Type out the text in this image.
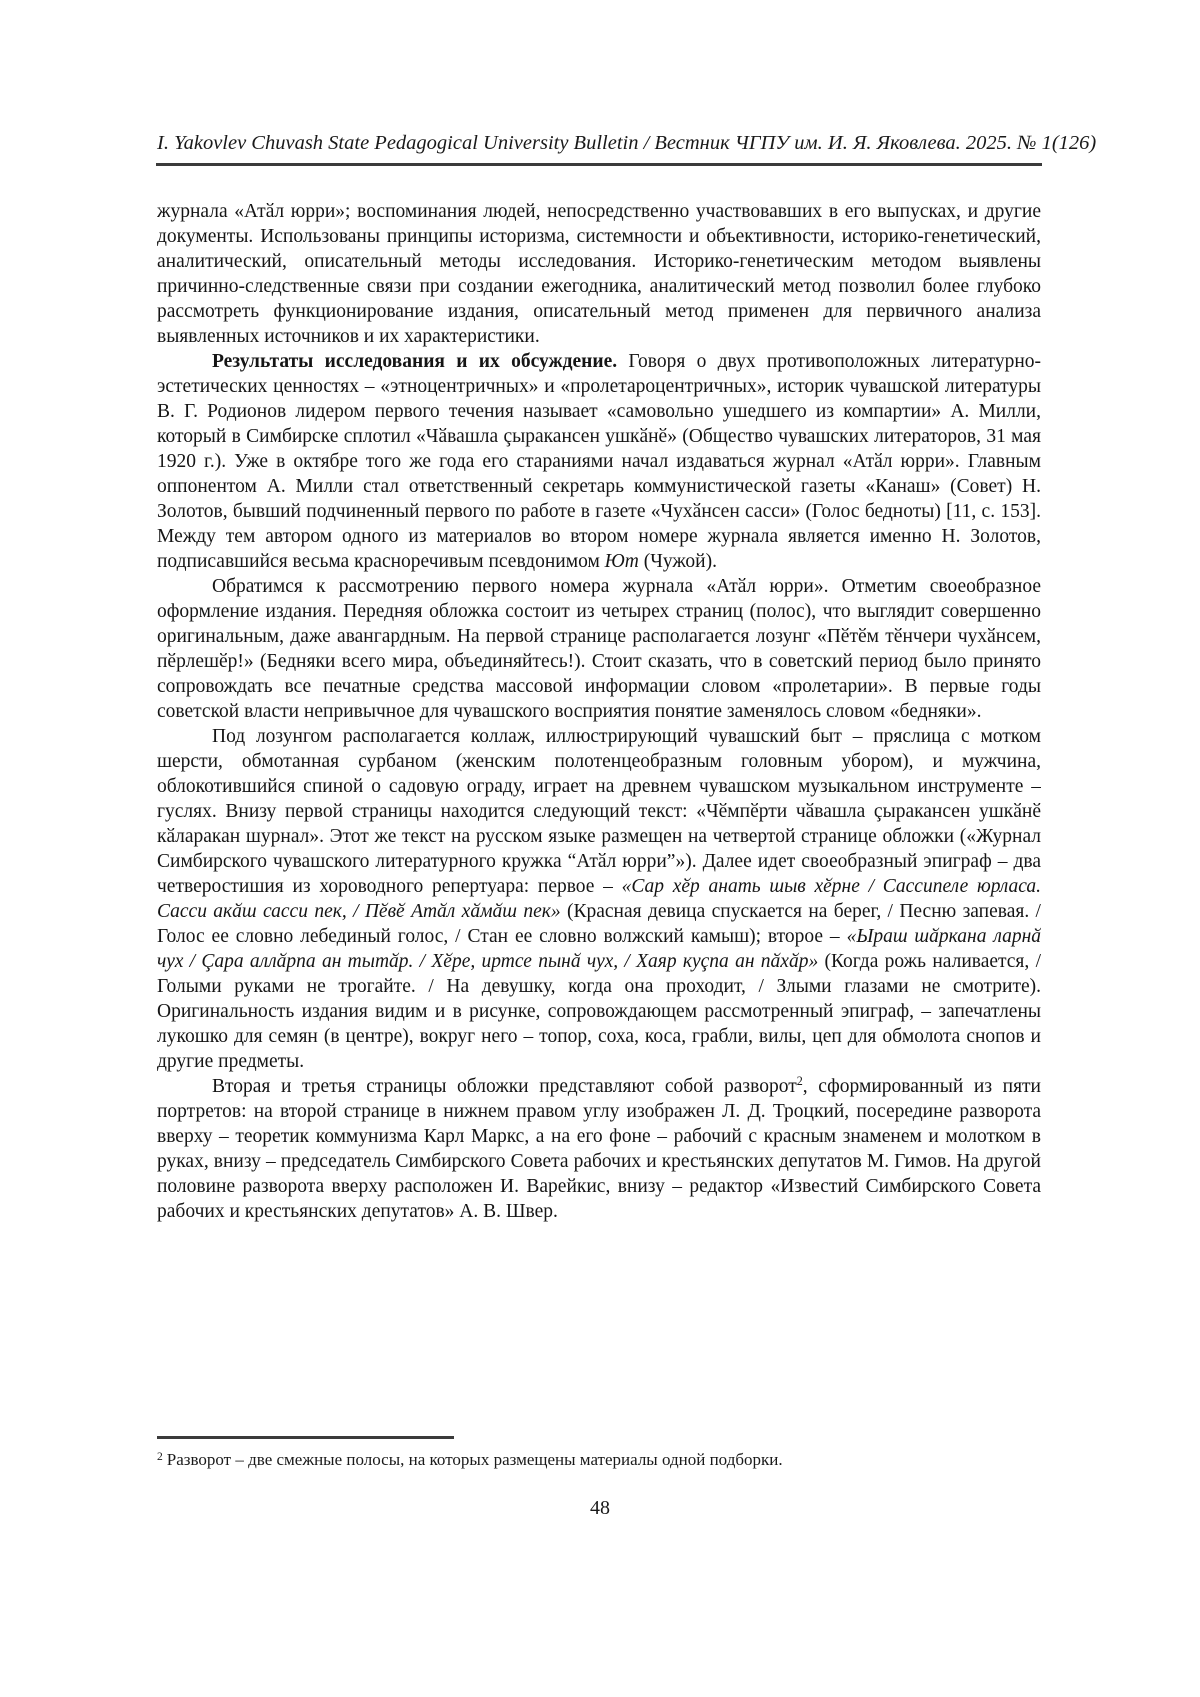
I. Yakovlev Chuvash State Pedagogical University Bulletin / Вестник ЧГПУ им. И. Я. Яковлева. 2025. № 1(126)

журнала «Атӑл юрри»; воспоминания людей, непосредственно участвовавших в его выпусках, и другие документы. Использованы принципы историзма, системности и объективности, историко-генетический, аналитический, описательный методы исследования. Историко-генетическим методом выявлены причинно-следственные связи при создании ежегодника, аналитический метод позволил более глубоко рассмотреть функционирование издания, описательный метод применен для первичного анализа выявленных источников и их характеристики.

Результаты исследования и их обсуждение. Говоря о двух противоположных литературно-эстетических ценностях – «этноцентричных» и «пролетароцентричных», историк чувашской литературы В. Г. Родионов лидером первого течения называет «самовольно ушедшего из компартии» А. Милли, который в Симбирске сплотил «Чӑвашла çыракансен ушкӑнӗ» (Общество чувашских литераторов, 31 мая 1920 г.). Уже в октябре того же года его стараниями начал издаваться журнал «Атӑл юрри». Главным оппонентом А. Милли стал ответственный секретарь коммунистической газеты «Канаш» (Совет) Н. Золотов, бывший подчиненный первого по работе в газете «Чухӑнсен сасси» (Голос бедноты) [11, с. 153]. Между тем автором одного из материалов во втором номере журнала является именно Н. Золотов, подписавшийся весьма красноречивым псевдонимом Ют (Чужой).

Обратимся к рассмотрению первого номера журнала «Атӑл юрри». Отметим своеобразное оформление издания. Передняя обложка состоит из четырех страниц (полос), что выглядит совершенно оригинальным, даже авангардным. На первой странице располагается лозунг «Пӗтӗм тӗнчери чухӑнсем, пӗрлешӗр!» (Бедняки всего мира, объединяйтесь!). Стоит сказать, что в советский период было принято сопровождать все печатные средства массовой информации словом «пролетарии». В первые годы советской власти непривычное для чувашского восприятия понятие заменялось словом «бедняки».

Под лозунгом располагается коллаж, иллюстрирующий чувашский быт – пряслица с мотком шерсти, обмотанная сурбаном (женским полотенцеобразным головным убором), и мужчина, облокотившийся спиной о садовую ограду, играет на древнем чувашском музыкальном инструменте – гуслях. Внизу первой страницы находится следующий текст: «Чӗмпӗрти чӑвашла çыракансен ушкӑнӗ кӑларакан шурнал». Этот же текст на русском языке размещен на четвертой странице обложки («Журнал Симбирского чувашского литературного кружка “Атӑл юрри”»). Далее идет своеобразный эпиграф – два четверостишия из хороводного репертуара: первое – «Сар хӗр анать шыв хӗрне / Сассипеле юрласа. Сасси акӑш сасси пек, / Пӗвӗ Атӑл хӑмӑш пек» (Красная девица спускается на берег, / Песню запевая. / Голос ее словно лебединый голос, / Стан ее словно волжский камыш); второе – «Ыраш шӑркана ларнӑ чух / Çара аллӑрпа ан тытӑр. / Хӗре, иртсе пынӑ чух, / Хаяр куçпа ан пӑхӑр» (Когда рожь наливается, / Голыми руками не трогайте. / На девушку, когда она проходит, / Злыми глазами не смотрите). Оригинальность издания видим и в рисунке, сопровождающем рассмотренный эпиграф, – запечатлены лукошко для семян (в центре), вокруг него – топор, соха, коса, грабли, вилы, цеп для обмолота снопов и другие предметы.

Вторая и третья страницы обложки представляют собой разворот$^2$, сформированный из пяти портретов: на второй странице в нижнем правом углу изображен Л. Д. Троцкий, посередине разворота вверху – теоретик коммунизма Карл Маркс, а на его фоне – рабочий с красным знаменем и молотком в руках, внизу – председатель Симбирского Совета рабочих и крестьянских депутатов М. Гимов. На другой половине разворота вверху расположен И. Варейкис, внизу – редактор «Известий Симбирского Совета рабочих и крестьянских депутатов» А. В. Швер.

$^2$ Разворот – две смежные полосы, на которых размещены материалы одной подборки.
48
